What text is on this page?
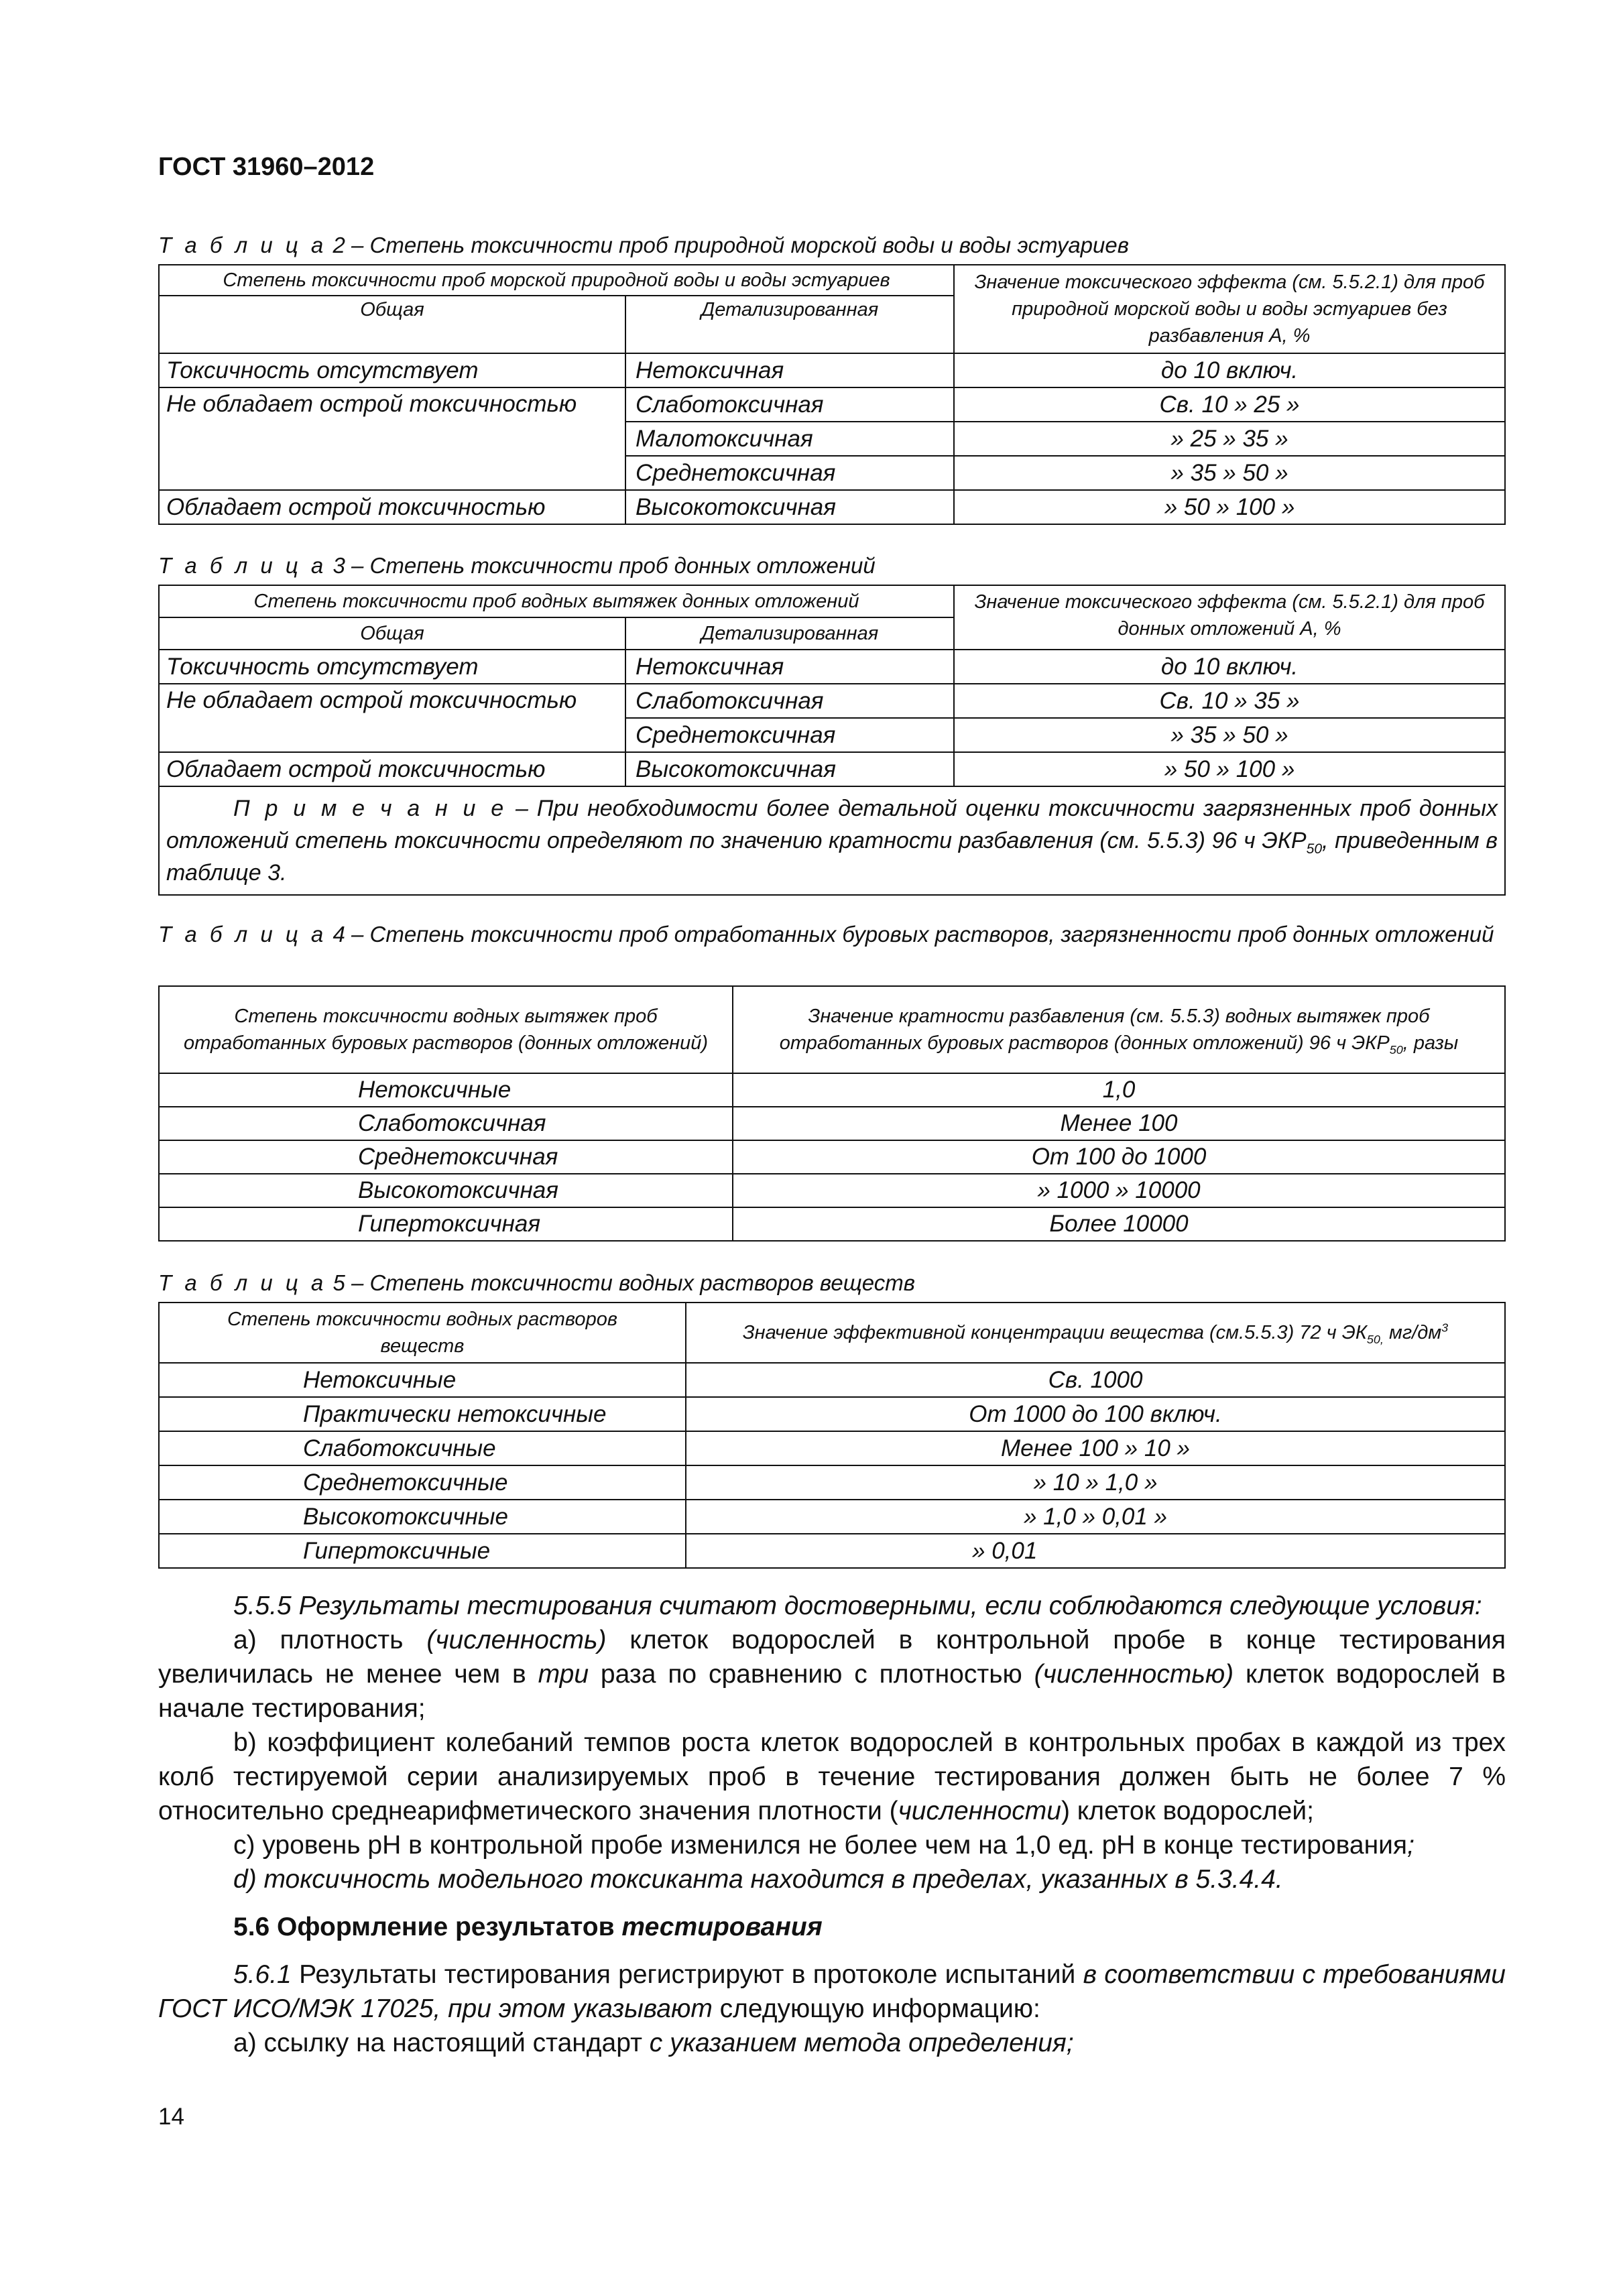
ГОСТ 31960–2012
Т а б л и ц а 2 – Степень токсичности проб природной морской воды и воды эстуариев
Степень токсичности проб морской природной воды и воды эстуариев		Значение токсического эффекта (см. 5.5.2.1) для проб природной морской воды и воды эстуариев без разбавления А, %
Общая	Детализированная	
Токсичность отсутствует	Нетоксичная	до 10 включ.
Не обладает острой токсичностью	Слаботоксичная	Св. 10 » 25 »
	Малотоксичная	» 25 » 35 »
	Среднетоксичная	» 35 » 50 »
Обладает острой токсичностью	Высокотоксичная	» 50 » 100 »
Т а б л и ц а 3 – Степень токсичности проб донных отложений
Степень токсичности проб водных вытяжек донных отложений		Значение токсического эффекта (см. 5.5.2.1) для проб донных отложений А, %
Общая	Детализированная	
Токсичность отсутствует	Нетоксичная	до 10 включ.
Не обладает острой токсичностью	Слаботоксичная	Св. 10 » 35 »
	Среднетоксичная	» 35 » 50 »
Обладает острой токсичностью	Высокотоксичная	» 50 » 100 »
П р и м е ч а н и е – При необходимости более детальной оценки токсичности загрязненных проб донных отложений степень токсичности определяют по значению кратности разбавления (см. 5.5.3) 96 ч $ЭКР_{50}$, приведенным в таблице 3.		
Т а б л и ц а 4 – Степень токсичности проб отработанных буровых растворов, загрязненности проб донных отложений
Степень токсичности водных вытяжек проб отработанных буровых растворов (донных отложений)	Значение кратности разбавления (см. 5.5.3) водных вытяжек проб отработанных буровых растворов (донных отложений) 96 ч $ЭКР_{50}$, разы
Нетоксичные	1,0
Слаботоксичная	Менее 100
Среднетоксичная	От 100 до 1000
Высокотоксичная	» 1000 » 10000
Гипертоксичная	Более 10000
Т а б л и ц а 5 – Степень токсичности водных растворов веществ
Степень токсичности водных растворов веществ	Значение эффективной концентрации вещества (см.5.5.3) 72 ч $ЭК_{50,}$ $мг/дм^3$
Нетоксичные	Св. 1000
Практически нетоксичные	От 1000 до 100 включ.
Слаботоксичные	Менее 100 » 10 »
Среднетоксичные	» 10 » 1,0 »
Высокотоксичные	» 1,0 » 0,01 »
Гипертоксичные	» 0,01

5.5.5 Результаты тестирования считают достоверными, если соблюдаются следующие условия:

а) плотность (численность) клеток водорослей в контрольной пробе в конце тестирования увеличилась не менее чем в три раза по сравнению с плотностью (численностью) клеток водорослей в начале тестирования;

b) коэффициент колебаний темпов роста клеток водорослей в контрольных пробах в каждой из трех колб тестируемой серии анализируемых проб в течение тестирования должен быть не более 7 % относительно среднеарифметического значения плотности (численности) клеток водорослей;

c) уровень pH в контрольной пробе изменился не более чем на 1,0 ед. pH в конце тестирования;

d) токсичность модельного токсиканта находится в пределах, указанных в 5.3.4.4.

5.6 Оформление результатов тестирования

5.6.1 Результаты тестирования регистрируют в протоколе испытаний в соответствии с требованиями ГОСТ ИСО/МЭК 17025, при этом указывают следующую информацию:

а) ссылку на настоящий стандарт с указанием метода определения;

14
